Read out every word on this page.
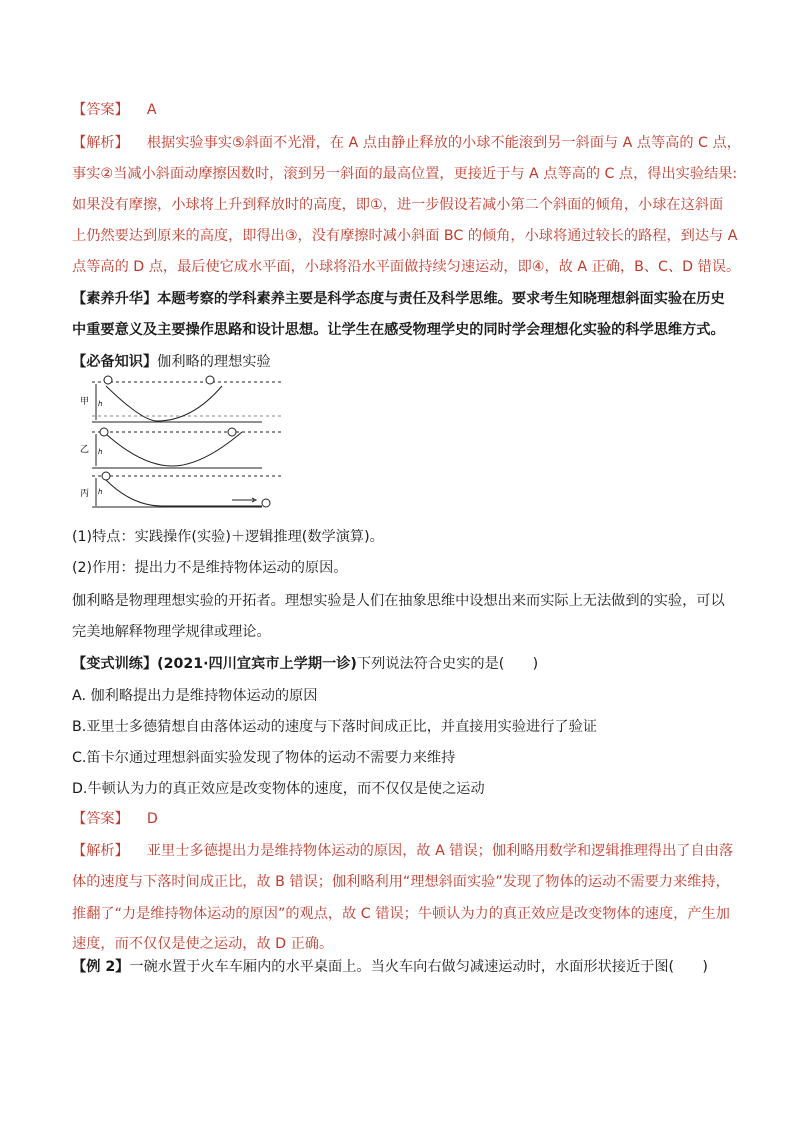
【答案】 A
【解析】 根据实验事实⑤斜面不光滑，在 A 点由静止释放的小球不能滚到另一斜面与 A 点等高的 C 点，
事实②当减小斜面动摩擦因数时，滚到另一斜面的最高位置，更接近于与 A 点等高的 C 点，得出实验结果:
如果没有摩擦，小球将上升到释放时的高度，即①，进一步假设若减小第二个斜面的倾角，小球在这斜面
上仍然要达到原来的高度，即得出③，没有摩擦时减小斜面 BC 的倾角，小球将通过较长的路程，到达与 A
点等高的 D 点，最后使它成水平面，小球将沿水平面做持续匀速运动，即④，故 A 正确，B、C、D 错误。
【素养升华】本题考察的学科素养主要是科学态度与责任及科学思维。要求考生知晓理想斜面实验在历史
中重要意义及主要操作思路和设计思想。让学生在感受物理学史的同时学会理想化实验的科学思维方式。
【必备知识】伽利略的理想实验
甲
乙
丙
h
h
h
(1)特点：实践操作(实验)＋逻辑推理(数学演算)。
(2)作用：提出力不是维持物体运动的原因。
伽利略是物理理想实验的开拓者。理想实验是人们在抽象思维中设想出来而实际上无法做到的实验，可以
完美地解释物理学规律或理论。
【变式训练】(2021·四川宜宾市上学期一诊)下列说法符合史实的是(　　)
A. 伽利略提出力是维持物体运动的原因
B.亚里士多德猜想自由落体运动的速度与下落时间成正比，并直接用实验进行了验证
C.笛卡尔通过理想斜面实验发现了物体的运动不需要力来维持
D.牛顿认为力的真正效应是改变物体的速度，而不仅仅是使之运动
【答案】 D
【解析】 亚里士多德提出力是维持物体运动的原因，故 A 错误；伽利略用数学和逻辑推理得出了自由落
体的速度与下落时间成正比，故 B 错误；伽利略利用“理想斜面实验”发现了物体的运动不需要力来维持，
推翻了“力是维持物体运动的原因”的观点，故 C 错误；牛顿认为力的真正效应是改变物体的速度，产生加
速度，而不仅仅是使之运动，故 D 正确。
【例 2】一碗水置于火车车厢内的水平桌面上。当火车向右做匀减速运动时，水面形状接近于图(　　)
